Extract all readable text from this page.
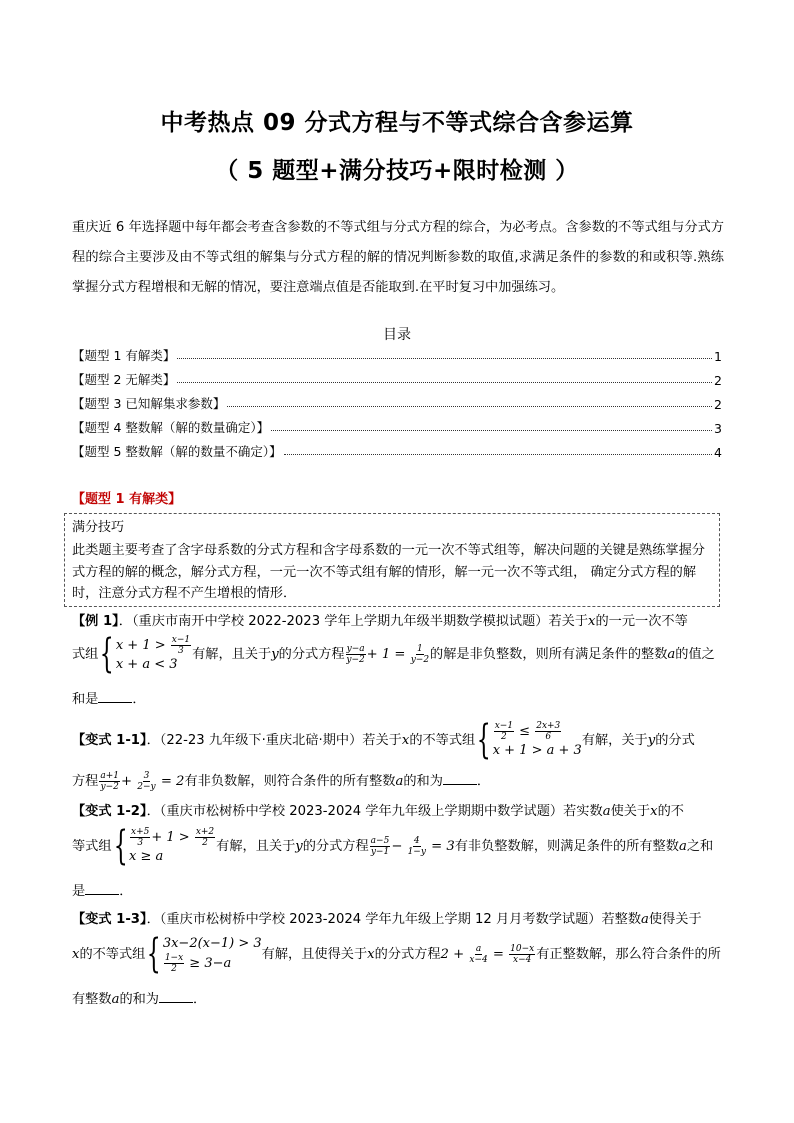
中考热点 09 分式方程与不等式综合含参运算
（ 5 题型+满分技巧+限时检测 ）
重庆近 6 年选择题中每年都会考查含参数的不等式组与分式方程的综合，为必考点。含参数的不等式组与分式方程的综合主要涉及由不等式组的解集与分式方程的解的情况判断参数的取值,求满足条件的参数的和或积等.熟练掌握分式方程增根和无解的情况，要注意端点值是否能取到.在平时复习中加强练习。
目录
【题型 1 有解类】	1
【题型 2 无解类】	2
【题型 3 已知解集求参数】	2
【题型 4 整数解（解的数量确定）】	3
【题型 5 整数解（解的数量不确定）】	4
【题型 1 有解类】
满分技巧
此类题主要考查了含字母系数的分式方程和含字母系数的一元一次不等式组等，解决问题的关键是熟练掌握分式方程的解的概念，解分式方程，一元一次不等式组有解的情形，解一元一次不等式组， 确定分式方程的解时，注意分式方程不产生增根的情形．
【例 1】．（重庆市南开中学校 2022-2023 学年上学期九年级半期数学模拟试题）若关于x的一元一次不等
式组 { $x + 1 > \frac{x-1}{3}$
x + a < 3
有解，且关于y的分式方程 $\frac{y-a}{y-2} + 1 = \frac{1}{y-2}$ 的解是非负整数，则所有满足条件的整数a的值之
和是	．
【变式 1-1】．（22-23 九年级下·重庆北碚·期中）若关于x的不等式组 { $\frac{x-1}{2} \le \frac{2x+3}{6}$
x + 1 > a + 3
有解，关于y的分式
方程 $\frac{a+1}{y-2} + \frac{3}{2-y} = 2$有非负数解，则符合条件的所有整数a的和为	．
【变式 1-2】．（重庆市松树桥中学校 2023-2024 学年九年级上学期期中数学试题）若实数a使关于x的不
等式组 { $\frac{x+5}{3} + 1 > \frac{x+2}{2}$
x ≥ a
有解，且关于y的分式方程 $\frac{a-5}{y-1} - \frac{4}{1-y} = 3$有非负整数解，则满足条件的所有整数a之和
是	．
【变式 1-3】．（重庆市松树桥中学校 2023-2024 学年九年级上学期 12 月月考数学试题）若整数a使得关于
x的不等式组 { 3x−2(x−1) > 3
$\frac{1-x}{2} \ge 3-a$
有解，且使得关于x的分式方程$2 + \frac{a}{x-4} = \frac{10-x}{x-4}$ 有正整数解，那么符合条件的所
有整数a的和为	．
